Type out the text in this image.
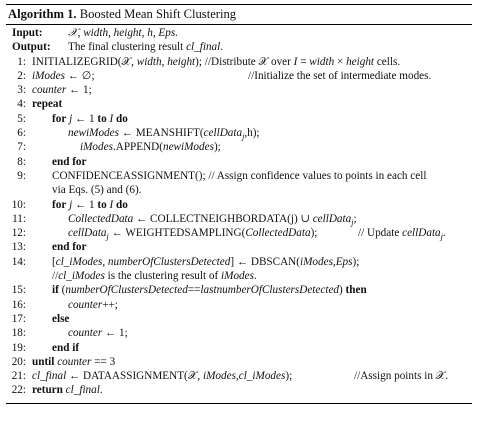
Algorithm 1. Boosted Mean Shift Clustering
Input: 𝒳, width, height, h, Eps.
Output: The final clustering result cl_final.
1: INITIALIZEGRID(𝒳, width, height); //Distribute 𝒳 over I = width × height cells.
2: iModes ← ∅;	//Initialize the set of intermediate modes.
3: counter ← 1;
4: repeat
5: for j ← 1 to I do
6:	newiModes ← MEANSHIFT(cellData$_j$,h);
7:	iModes.APPEND(newiModes);
8: end for
9: CONFIDENCEASSIGNMENT(); // Assign confidence values to points in each cell
via Eqs. (5) and (6).
10: for j ← 1 to I do
11:	CollectedData ← COLLECTNEIGHBORDATA(j) ∪ cellData$_j$;
12:	cellData$_j$ ← WEIGHTEDSAMPLING(CollectedData);	// Update cellData$_j$.
13: end for
14: [cl_iModes, numberOfClustersDetected] ← DBSCAN(iModes,Eps);
//cl_iModes is the clustering result of iModes.
15: if (numberOfClustersDetected==lastnumberOfClustersDetected) then
16:	counter++;
17: else
18:	counter ← 1;
19: end if
20: until counter == 3
21: cl_final ← DATAASSIGNMENT(𝒳, iModes,cl_iModes);	//Assign points in 𝒳.
22: return cl_final.
